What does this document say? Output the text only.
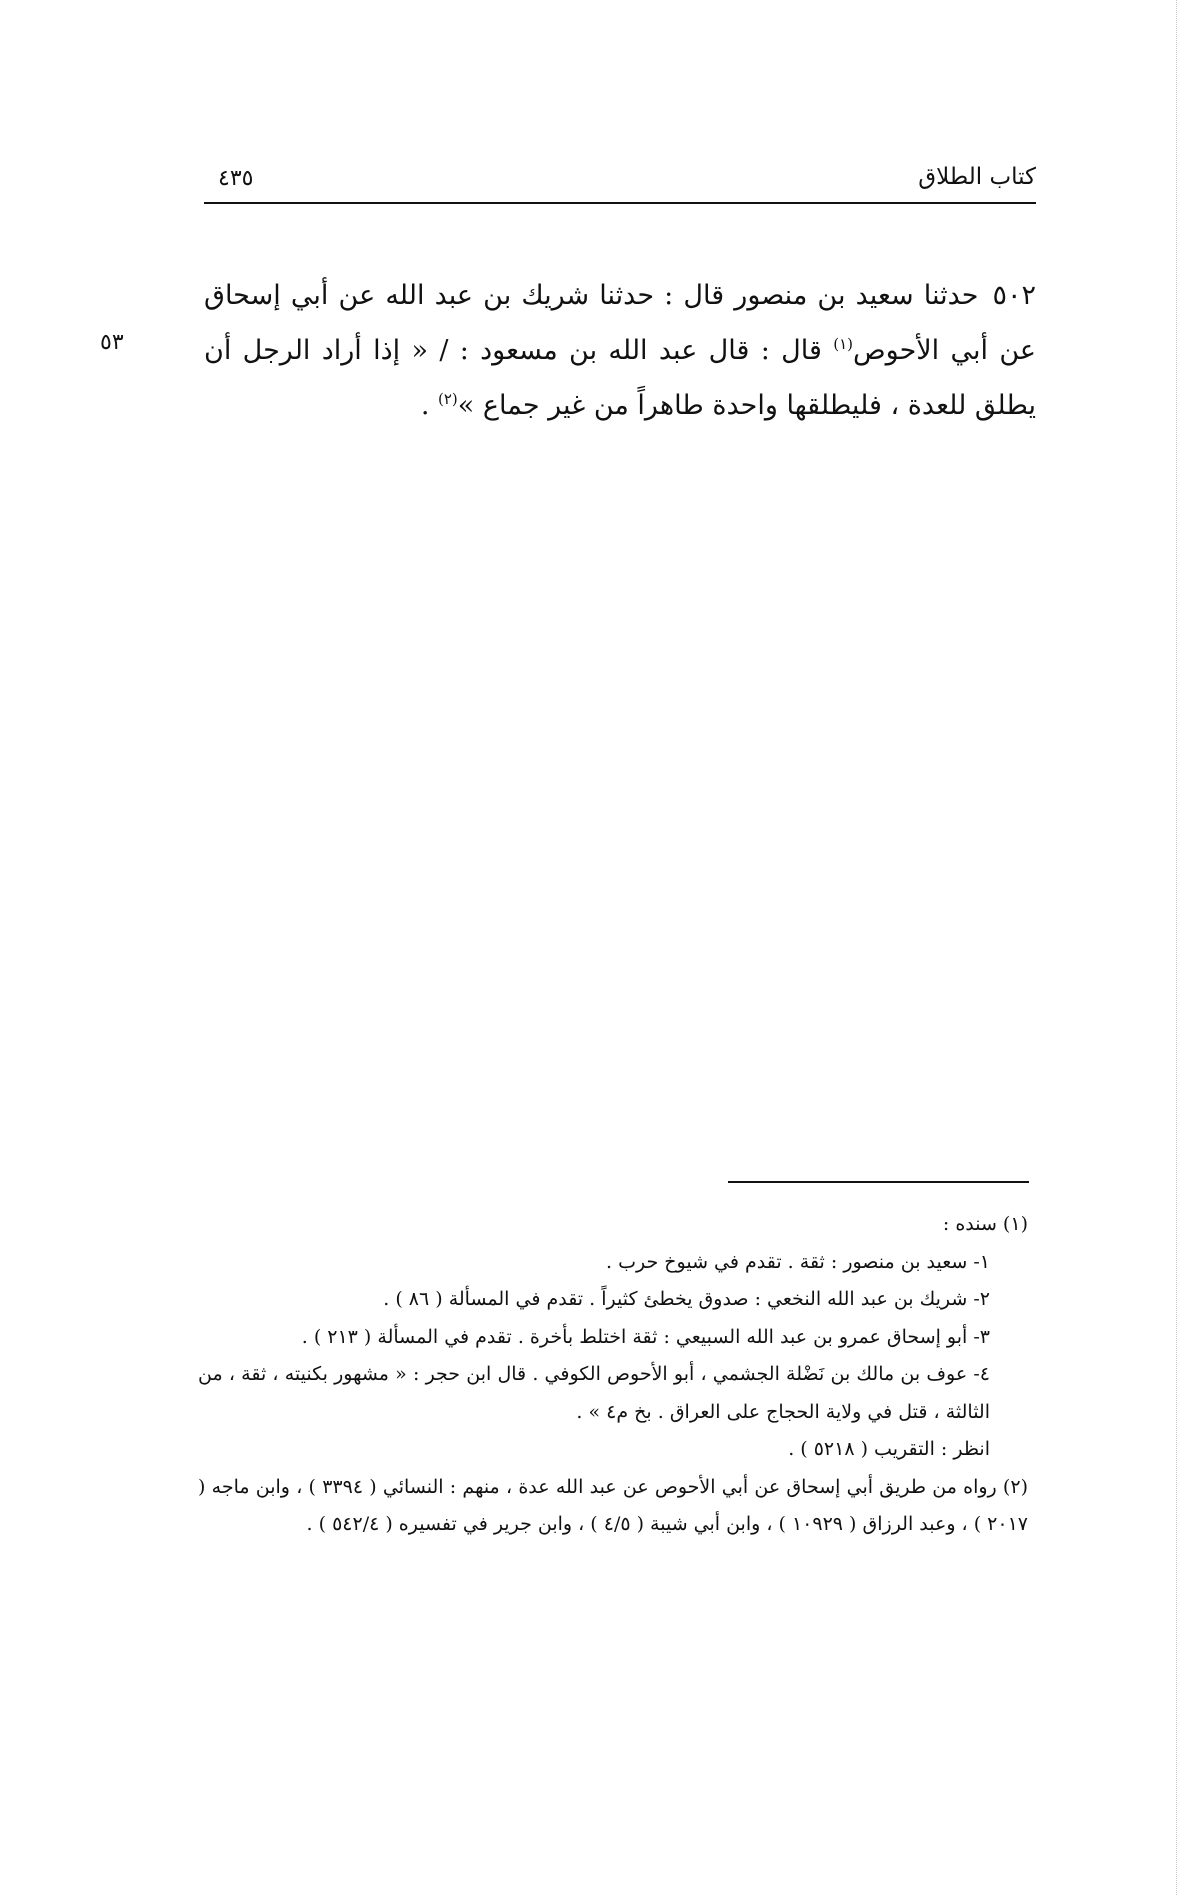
كتاب الطلاق
٤٣٥
٥٣
٥٠٢حدثنا سعيد بن منصور قال : حدثنا شريك بن عبد الله عن أبي إسحاق عن أبي الأحوص$^{(١)}$ قال : قال عبد الله بن مسعود : / « إذا أراد الرجل أن يطلق للعدة ، فليطلقها واحدة طاهراً من غير جماع »$^{(٢)}$ .

(١) سنده :

١- سعيد بن منصور : ثقة . تقدم في شيوخ حرب .

٢- شريك بن عبد الله النخعي : صدوق يخطئ كثيراً . تقدم في المسألة ( ٨٦ ) .

٣- أبو إسحاق عمرو بن عبد الله السبيعي : ثقة اختلط بأخرة . تقدم في المسألة ( ٢١٣ ) .

٤- عوف بن مالك بن نَضْلة الجشمي ، أبو الأحوص الكوفي . قال ابن حجر : « مشهور بكنيته ، ثقة ، من الثالثة ، قتل في ولاية الحجاج على العراق . بخ م٤ » .

انظر : التقريب ( ٥٢١٨ ) .

(٢) رواه من طريق أبي إسحاق عن أبي الأحوص عن عبد الله عدة ، منهم : النسائي ( ٣٣٩٤ ) ، وابن ماجه ( ٢٠١٧ ) ، وعبد الرزاق ( ١٠٩٢٩ ) ، وابن أبي شيبة ( ٤/٥ ) ، وابن جرير في تفسيره ( ٥٤٢/٤ ) .
